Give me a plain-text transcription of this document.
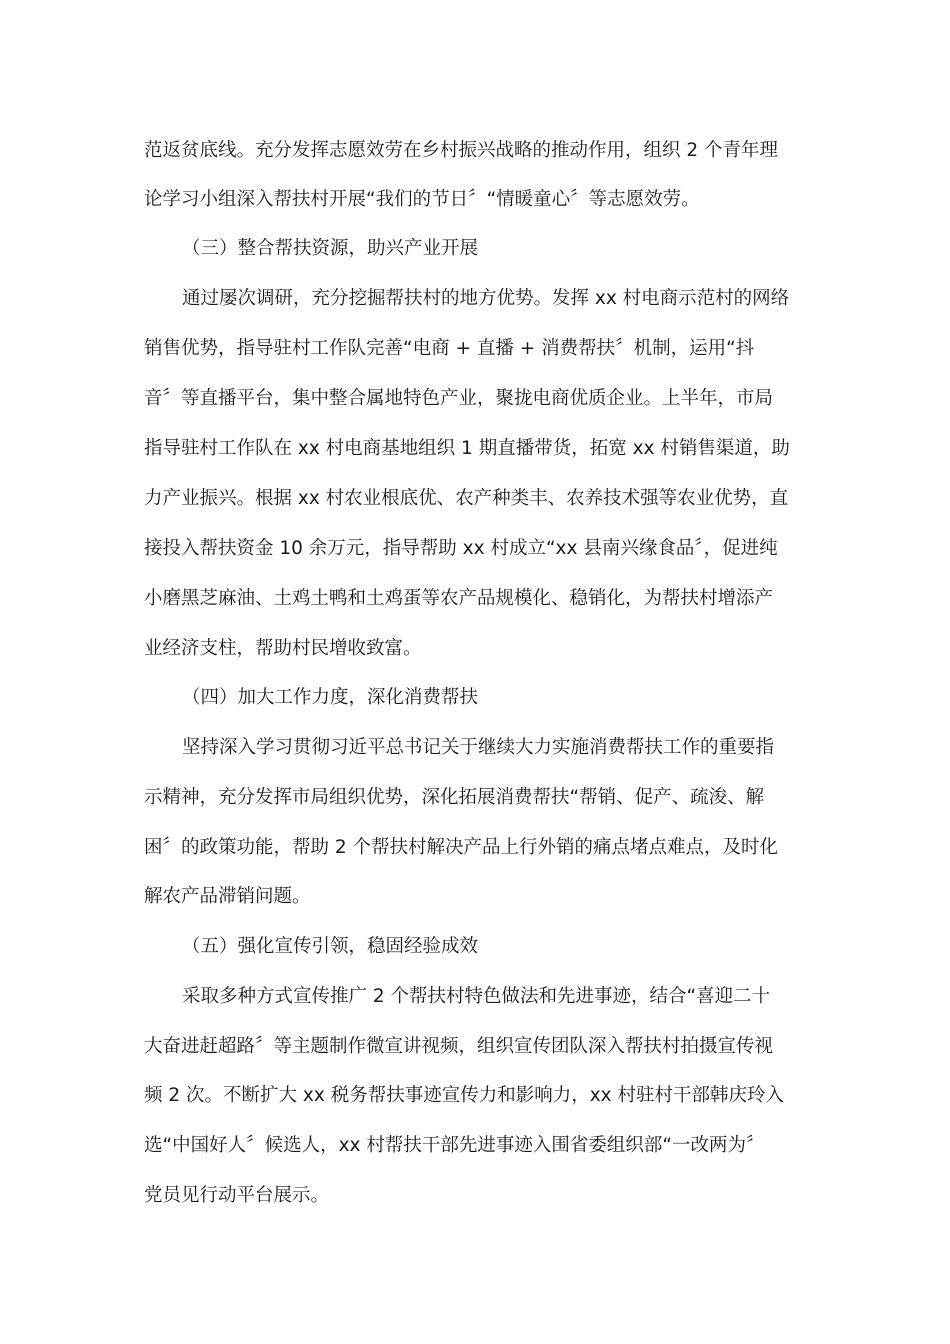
范返贫底线。充分发挥志愿效劳在乡村振兴战略的推动作用，组织 2 个青年理
论学习小组深入帮扶村开展“我们的节日〞“情暖童心〞等志愿效劳。
（三）整合帮扶资源，助兴产业开展
通过屡次调研，充分挖掘帮扶村的地方优势。发挥 xx 村电商示范村的网络
销售优势，指导驻村工作队完善“电商 + 直播 + 消费帮扶〞机制，运用“抖
音〞等直播平台，集中整合属地特色产业，聚拢电商优质企业。上半年，市局
指导驻村工作队在 xx 村电商基地组织 1 期直播带货，拓宽 xx 村销售渠道，助
力产业振兴。根据 xx 村农业根底优、农产种类丰、农养技术强等农业优势，直
接投入帮扶资金 10 余万元，指导帮助 xx 村成立“xx 县南兴缘食品〞，促进纯
小磨黑芝麻油、土鸡土鸭和土鸡蛋等农产品规模化、稳销化，为帮扶村增添产
业经济支柱，帮助村民增收致富。
（四）加大工作力度，深化消费帮扶
坚持深入学习贯彻习近平总书记关于继续大力实施消费帮扶工作的重要指
示精神，充分发挥市局组织优势，深化拓展消费帮扶“帮销、促产、疏浚、解
困〞的政策功能，帮助 2 个帮扶村解决产品上行外销的痛点堵点难点，及时化
解农产品滞销问题。
（五）强化宣传引领，稳固经验成效
采取多种方式宣传推广 2 个帮扶村特色做法和先进事迹，结合“喜迎二十
大奋进赶超路〞等主题制作微宣讲视频，组织宣传团队深入帮扶村拍摄宣传视
频 2 次。不断扩大 xx 税务帮扶事迹宣传力和影响力，xx 村驻村干部韩庆玲入
选“中国好人〞候选人，xx 村帮扶干部先进事迹入围省委组织部“一改两为〞
党员见行动平台展示。
